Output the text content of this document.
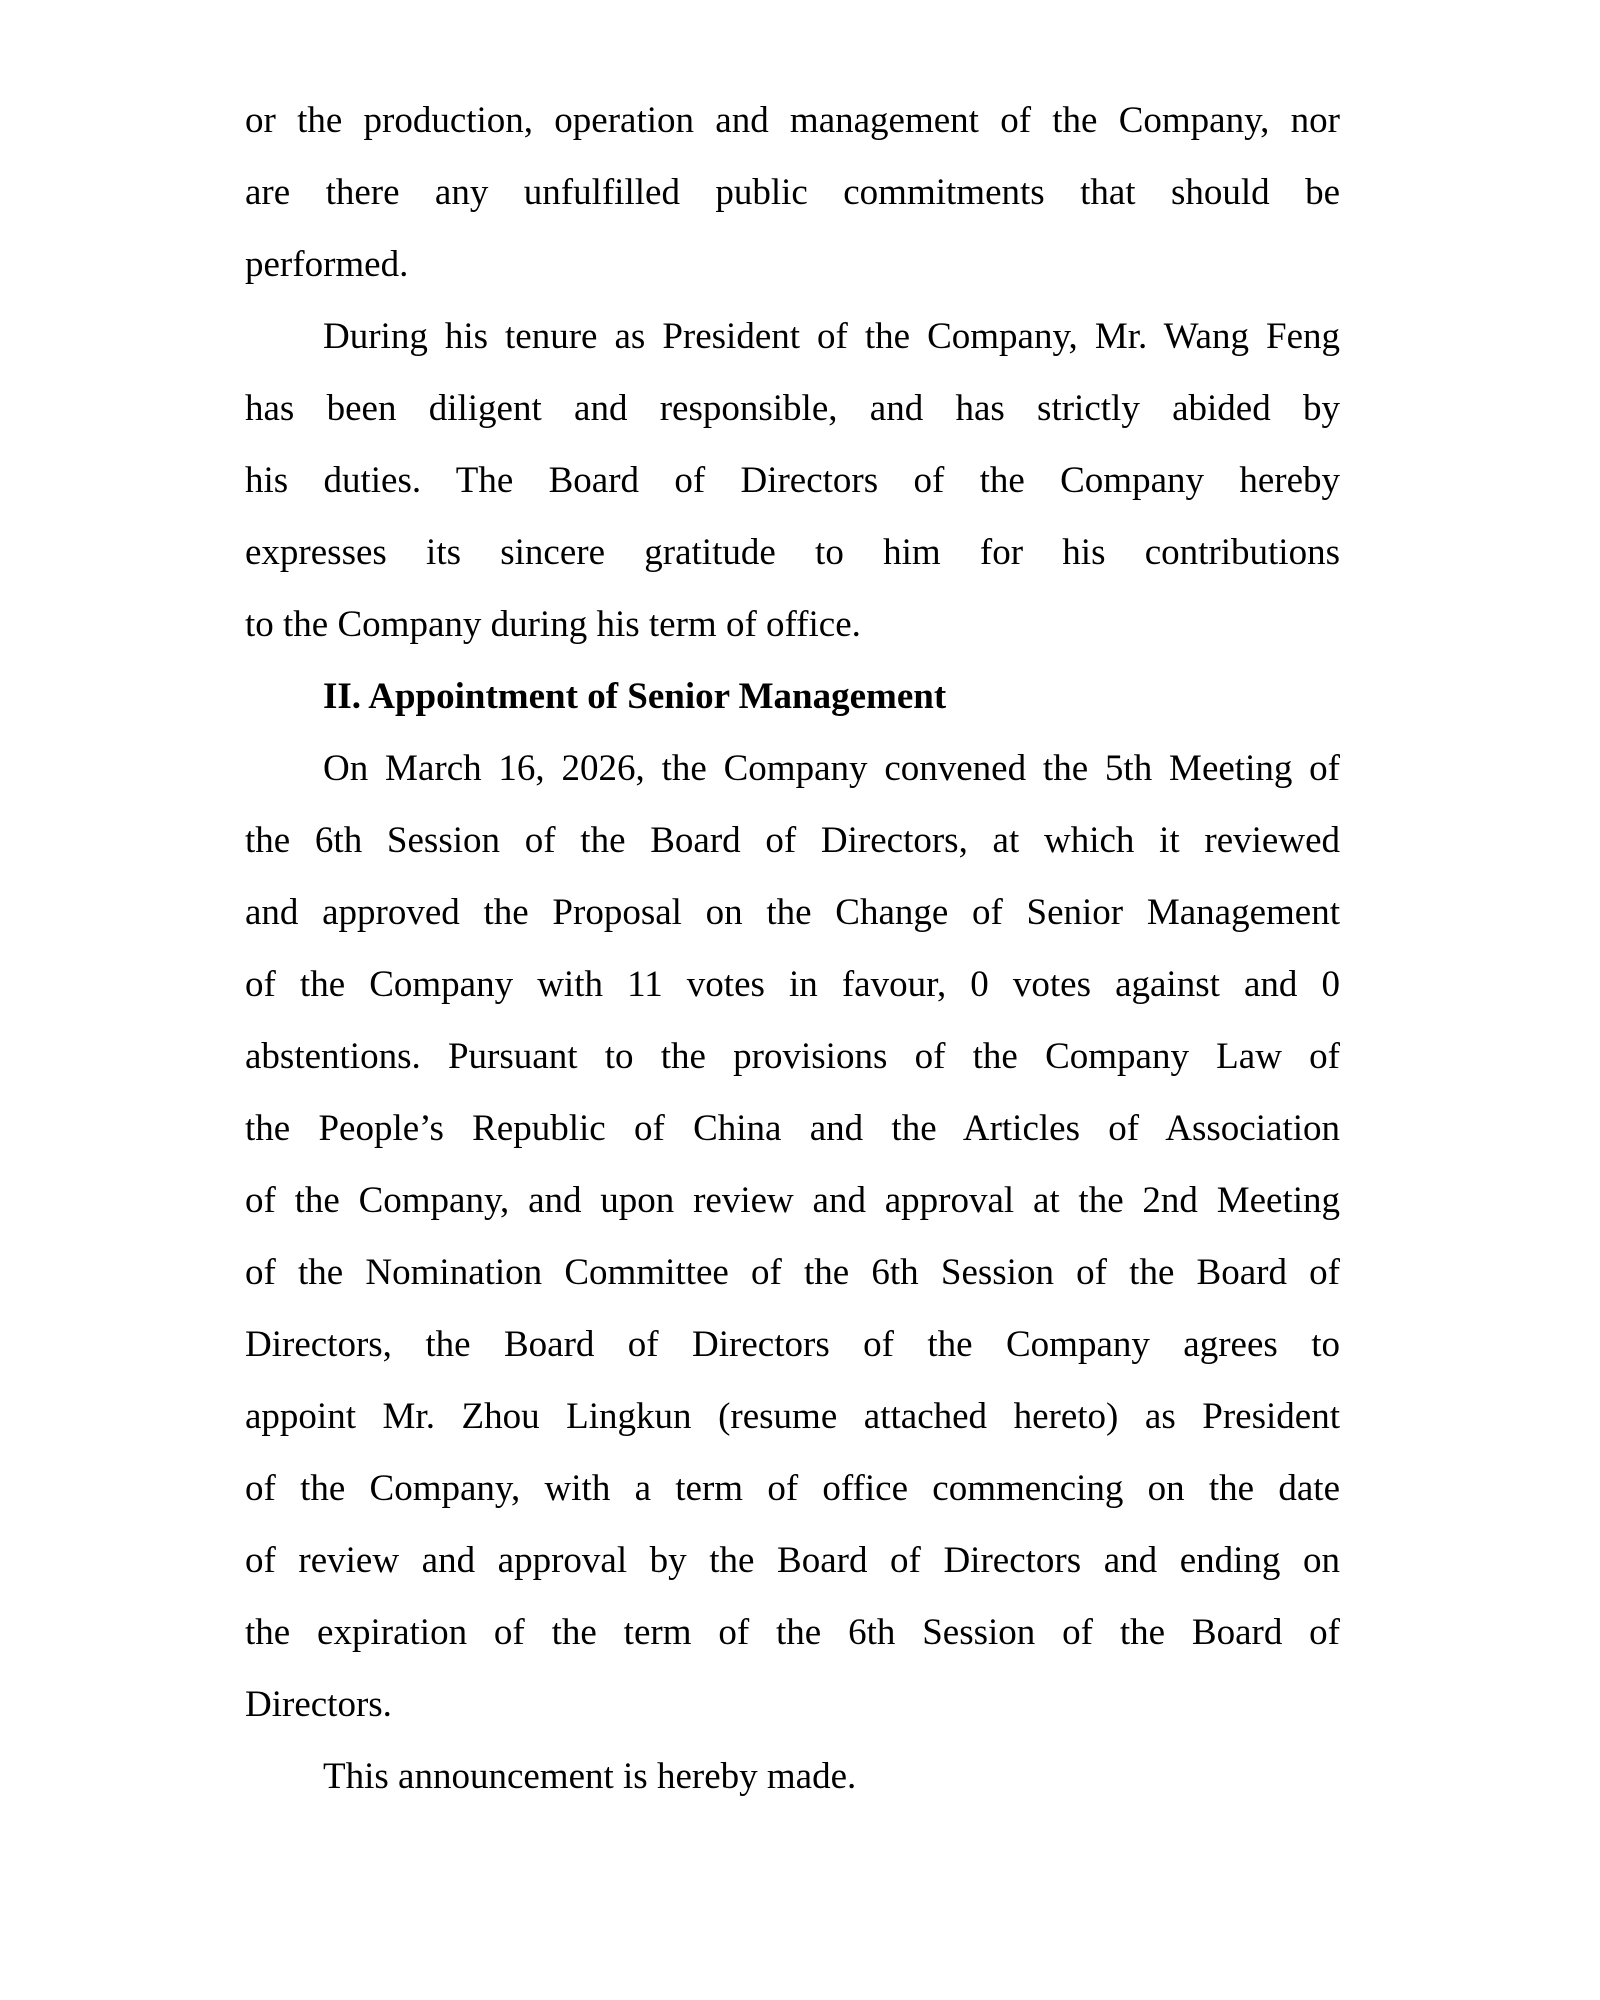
or the production, operation and management of the Company, nor
are there any unfulfilled public commitments that should be
performed.
During his tenure as President of the Company, Mr. Wang Feng
has been diligent and responsible, and has strictly abided by
his duties. The Board of Directors of the Company hereby
expresses its sincere gratitude to him for his contributions
to the Company during his term of office.
II. Appointment of Senior Management
On March 16, 2026, the Company convened the 5th Meeting of
the 6th Session of the Board of Directors, at which it reviewed
and approved the Proposal on the Change of Senior Management
of the Company with 11 votes in favour, 0 votes against and 0
abstentions. Pursuant to the provisions of the Company Law of
the People’s Republic of China and the Articles of Association
of the Company, and upon review and approval at the 2nd Meeting
of the Nomination Committee of the 6th Session of the Board of
Directors, the Board of Directors of the Company agrees to
appoint Mr. Zhou Lingkun (resume attached hereto) as President
of the Company, with a term of office commencing on the date
of review and approval by the Board of Directors and ending on
the expiration of the term of the 6th Session of the Board of
Directors.
This announcement is hereby made.
